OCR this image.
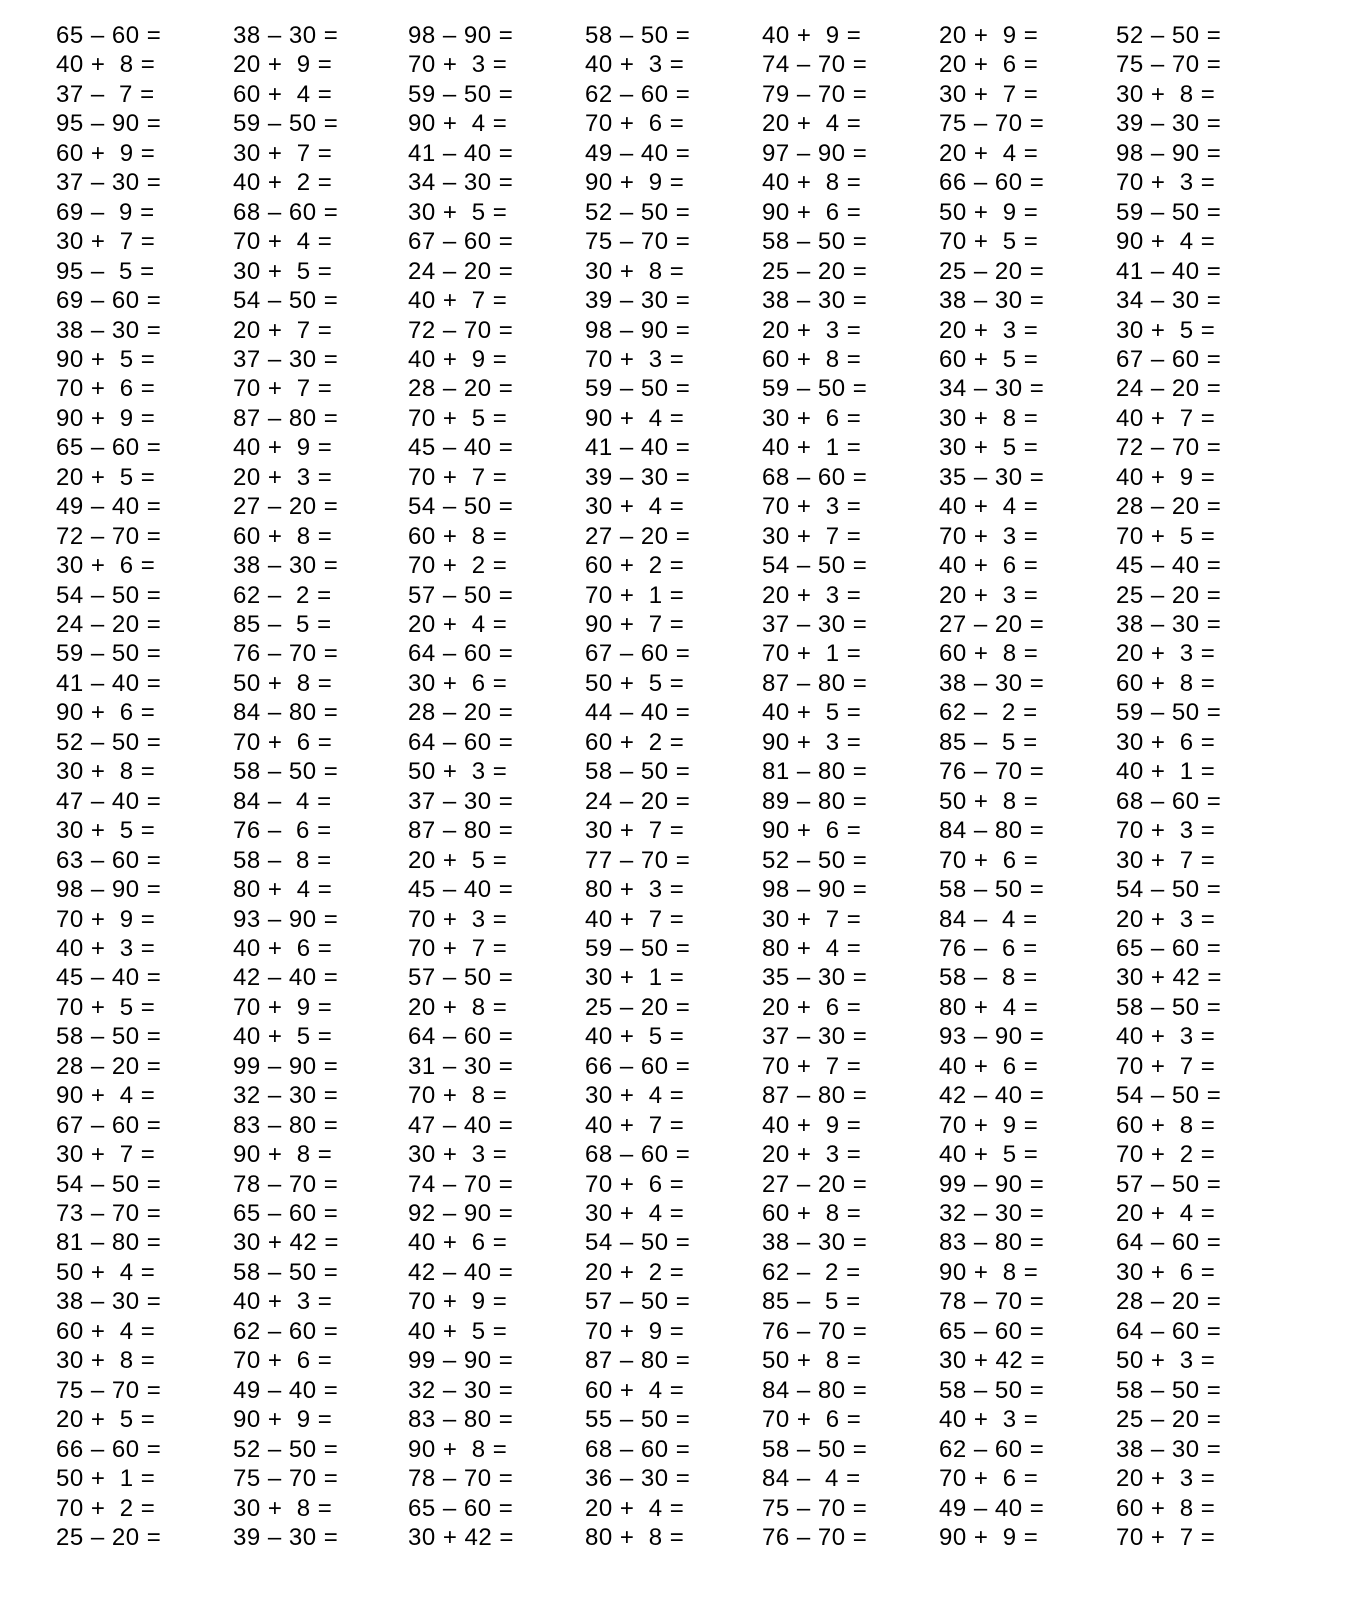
65 – 60 =
40 +  8 =
37 –  7 =
95 – 90 =
60 +  9 =
37 – 30 =
69 –  9 =
30 +  7 =
95 –  5 =
69 – 60 =
38 – 30 =
90 +  5 =
70 +  6 =
90 +  9 =
65 – 60 =
20 +  5 =
49 – 40 =
72 – 70 =
30 +  6 =
54 – 50 =
24 – 20 =
59 – 50 =
41 – 40 =
90 +  6 =
52 – 50 =
30 +  8 =
47 – 40 =
30 +  5 =
63 – 60 =
98 – 90 =
70 +  9 =
40 +  3 =
45 – 40 =
70 +  5 =
58 – 50 =
28 – 20 =
90 +  4 =
67 – 60 =
30 +  7 =
54 – 50 =
73 – 70 =
81 – 80 =
50 +  4 =
38 – 30 =
60 +  4 =
30 +  8 =
75 – 70 =
20 +  5 =
66 – 60 =
50 +  1 =
70 +  2 =
25 – 20 =
38 – 30 =
20 +  9 =
60 +  4 =
59 – 50 =
30 +  7 =
40 +  2 =
68 – 60 =
70 +  4 =
30 +  5 =
54 – 50 =
20 +  7 =
37 – 30 =
70 +  7 =
87 – 80 =
40 +  9 =
20 +  3 =
27 – 20 =
60 +  8 =
38 – 30 =
62 –  2 =
85 –  5 =
76 – 70 =
50 +  8 =
84 – 80 =
70 +  6 =
58 – 50 =
84 –  4 =
76 –  6 =
58 –  8 =
80 +  4 =
93 – 90 =
40 +  6 =
42 – 40 =
70 +  9 =
40 +  5 =
99 – 90 =
32 – 30 =
83 – 80 =
90 +  8 =
78 – 70 =
65 – 60 =
30 + 42 =
58 – 50 =
40 +  3 =
62 – 60 =
70 +  6 =
49 – 40 =
90 +  9 =
52 – 50 =
75 – 70 =
30 +  8 =
39 – 30 =
98 – 90 =
70 +  3 =
59 – 50 =
90 +  4 =
41 – 40 =
34 – 30 =
30 +  5 =
67 – 60 =
24 – 20 =
40 +  7 =
72 – 70 =
40 +  9 =
28 – 20 =
70 +  5 =
45 – 40 =
70 +  7 =
54 – 50 =
60 +  8 =
70 +  2 =
57 – 50 =
20 +  4 =
64 – 60 =
30 +  6 =
28 – 20 =
64 – 60 =
50 +  3 =
37 – 30 =
87 – 80 =
20 +  5 =
45 – 40 =
70 +  3 =
70 +  7 =
57 – 50 =
20 +  8 =
64 – 60 =
31 – 30 =
70 +  8 =
47 – 40 =
30 +  3 =
74 – 70 =
92 – 90 =
40 +  6 =
42 – 40 =
70 +  9 =
40 +  5 =
99 – 90 =
32 – 30 =
83 – 80 =
90 +  8 =
78 – 70 =
65 – 60 =
30 + 42 =
58 – 50 =
40 +  3 =
62 – 60 =
70 +  6 =
49 – 40 =
90 +  9 =
52 – 50 =
75 – 70 =
30 +  8 =
39 – 30 =
98 – 90 =
70 +  3 =
59 – 50 =
90 +  4 =
41 – 40 =
39 – 30 =
30 +  4 =
27 – 20 =
60 +  2 =
70 +  1 =
90 +  7 =
67 – 60 =
50 +  5 =
44 – 40 =
60 +  2 =
58 – 50 =
24 – 20 =
30 +  7 =
77 – 70 =
80 +  3 =
40 +  7 =
59 – 50 =
30 +  1 =
25 – 20 =
40 +  5 =
66 – 60 =
30 +  4 =
40 +  7 =
68 – 60 =
70 +  6 =
30 +  4 =
54 – 50 =
20 +  2 =
57 – 50 =
70 +  9 =
87 – 80 =
60 +  4 =
55 – 50 =
68 – 60 =
36 – 30 =
20 +  4 =
80 +  8 =
40 +  9 =
74 – 70 =
79 – 70 =
20 +  4 =
97 – 90 =
40 +  8 =
90 +  6 =
58 – 50 =
25 – 20 =
38 – 30 =
20 +  3 =
60 +  8 =
59 – 50 =
30 +  6 =
40 +  1 =
68 – 60 =
70 +  3 =
30 +  7 =
54 – 50 =
20 +  3 =
37 – 30 =
70 +  1 =
87 – 80 =
40 +  5 =
90 +  3 =
81 – 80 =
89 – 80 =
90 +  6 =
52 – 50 =
98 – 90 =
30 +  7 =
80 +  4 =
35 – 30 =
20 +  6 =
37 – 30 =
70 +  7 =
87 – 80 =
40 +  9 =
20 +  3 =
27 – 20 =
60 +  8 =
38 – 30 =
62 –  2 =
85 –  5 =
76 – 70 =
50 +  8 =
84 – 80 =
70 +  6 =
58 – 50 =
84 –  4 =
75 – 70 =
76 – 70 =
20 +  9 =
20 +  6 =
30 +  7 =
75 – 70 =
20 +  4 =
66 – 60 =
50 +  9 =
70 +  5 =
25 – 20 =
38 – 30 =
20 +  3 =
60 +  5 =
34 – 30 =
30 +  8 =
30 +  5 =
35 – 30 =
40 +  4 =
70 +  3 =
40 +  6 =
20 +  3 =
27 – 20 =
60 +  8 =
38 – 30 =
62 –  2 =
85 –  5 =
76 – 70 =
50 +  8 =
84 – 80 =
70 +  6 =
58 – 50 =
84 –  4 =
76 –  6 =
58 –  8 =
80 +  4 =
93 – 90 =
40 +  6 =
42 – 40 =
70 +  9 =
40 +  5 =
99 – 90 =
32 – 30 =
83 – 80 =
90 +  8 =
78 – 70 =
65 – 60 =
30 + 42 =
58 – 50 =
40 +  3 =
62 – 60 =
70 +  6 =
49 – 40 =
90 +  9 =
52 – 50 =
75 – 70 =
30 +  8 =
39 – 30 =
98 – 90 =
70 +  3 =
59 – 50 =
90 +  4 =
41 – 40 =
34 – 30 =
30 +  5 =
67 – 60 =
24 – 20 =
40 +  7 =
72 – 70 =
40 +  9 =
28 – 20 =
70 +  5 =
45 – 40 =
25 – 20 =
38 – 30 =
20 +  3 =
60 +  8 =
59 – 50 =
30 +  6 =
40 +  1 =
68 – 60 =
70 +  3 =
30 +  7 =
54 – 50 =
20 +  3 =
65 – 60 =
30 + 42 =
58 – 50 =
40 +  3 =
70 +  7 =
54 – 50 =
60 +  8 =
70 +  2 =
57 – 50 =
20 +  4 =
64 – 60 =
30 +  6 =
28 – 20 =
64 – 60 =
50 +  3 =
58 – 50 =
25 – 20 =
38 – 30 =
20 +  3 =
60 +  8 =
70 +  7 =
